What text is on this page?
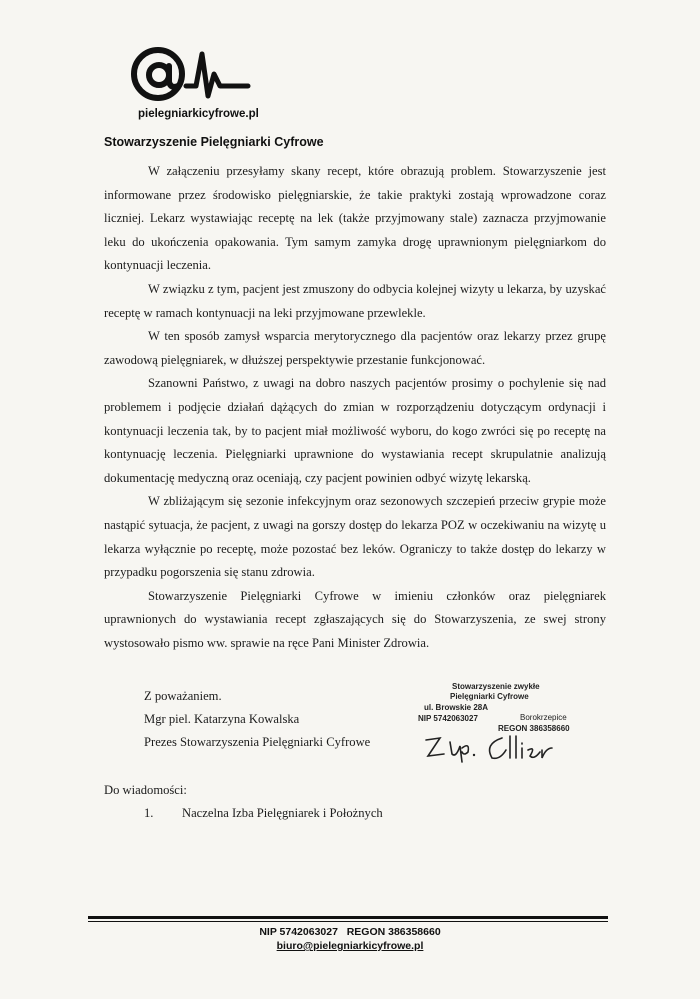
pielegniarkicyfrowe.pl
Stowarzyszenie Pielęgniarki Cyfrowe

W załączeniu przesyłamy skany recept, które obrazują problem. Stowarzyszenie jest informowane przez środowisko pielęgniarskie, że takie praktyki zostają wprowadzone coraz liczniej. Lekarz wystawiając receptę na lek (także przyjmowany stale) zaznacza przyjmowanie leku do ukończenia opakowania. Tym samym zamyka drogę uprawnionym pielęgniarkom do kontynuacji leczenia.

W związku z tym, pacjent jest zmuszony do odbycia kolejnej wizyty u lekarza, by uzyskać receptę w ramach kontynuacji na leki przyjmowane przewlekle.

W ten sposób zamysł wsparcia merytorycznego dla pacjentów oraz lekarzy przez grupę zawodową pielęgniarek, w dłuższej perspektywie przestanie funkcjonować.

Szanowni Państwo, z uwagi na dobro naszych pacjentów prosimy o pochylenie się nad problemem i podjęcie działań dążących do zmian w rozporządzeniu dotyczącym ordynacji i kontynuacji leczenia tak, by to pacjent miał możliwość wyboru, do kogo zwróci się po receptę na kontynuację leczenia. Pielęgniarki uprawnione do wystawiania recept skrupulatnie analizują dokumentację medyczną oraz oceniają, czy pacjent powinien odbyć wizytę lekarską.

W zbliżającym się sezonie infekcyjnym oraz sezonowych szczepień przeciw grypie może nastąpić sytuacja, że pacjent, z uwagi na gorszy dostęp do lekarza POZ w oczekiwaniu na wizytę u lekarza wyłącznie po receptę, może pozostać bez leków. Ograniczy to także dostęp do lekarzy w przypadku pogorszenia się stanu zdrowia.

Stowarzyszenie Pielęgniarki Cyfrowe w imieniu członków oraz pielęgniarek uprawnionych do wystawiania recept zgłaszających się do Stowarzyszenia, ze swej strony wystosowało pismo ww. sprawie na ręce Pani Minister Zdrowia.

Z poważaniem.
Mgr piel. Katarzyna Kowalska
Prezes Stowarzyszenia Pielęgniarki Cyfrowe
Stowarzyszenie zwykłe
Pielęgniarki Cyfrowe
ul. Browskie 28A
Borokrzepice
NIP 5742063027
REGON 386358660
Do wiadomości:
1. Naczelna Izba Pielęgniarek i Położnych
NIP 5742063027   REGON 386358660
biuro@pielegniarkicyfrowe.pl
